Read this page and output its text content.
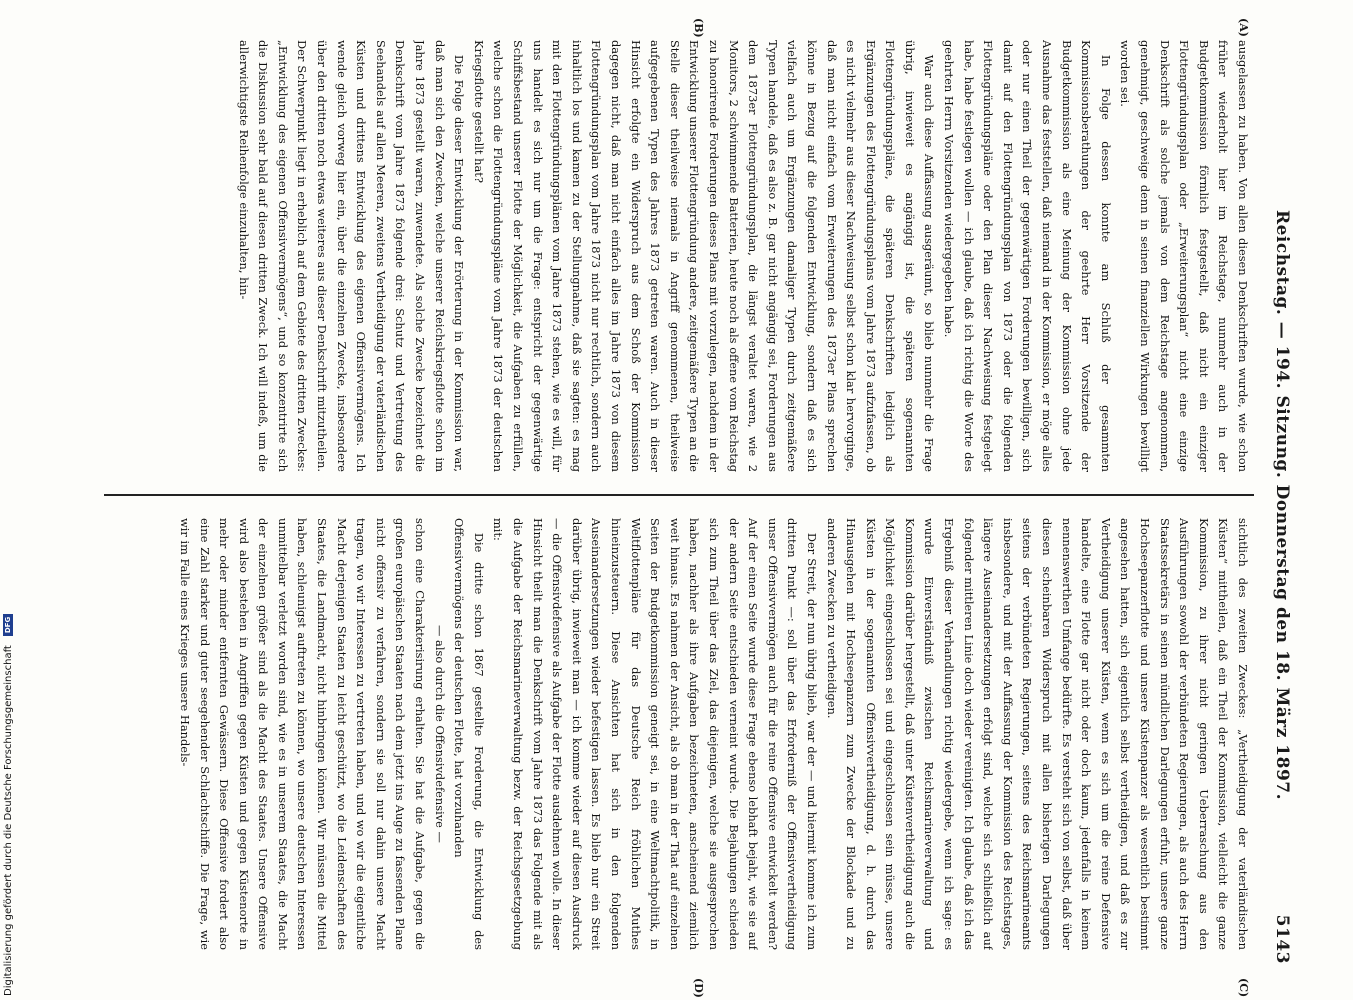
Reichstag. — 194. Sitzung. Donnerstag den 18. März 1897.
5143
(A)
(B)
(C)
(D)

ausgelassen zu haben. Von allen diesen Denkschriften wurde, wie schon früher wiederholt hier im Reichstage, nunmehr auch in der Budgetkommission förmlich festgestellt, daß nicht ein einziger Flottengründungsplan oder „Erweiterungsplan“ nicht eine einzige Denkschrift als solche jemals von dem Reichstage angenommen, genehmigt, geschweige denn in seinen finanziellen Wirkungen bewilligt worden sei.

In Folge dessen konnte am Schluß der gesammten Kommissionsberathungen der geehrte Herr Vorsitzende der Budgetkommission als eine Meinung der Kommission ohne jede Ausnahme das feststellen, daß niemand in der Kommission, er möge alles oder nur einen Theil der gegenwärtigen Forderungen bewilligen, sich damit auf den Flottengründungsplan von 1873 oder die folgenden Flottengründungspläne oder den Plan dieser Nachweisung festgelegt habe, habe festlegen wollen — ich glaube, daß ich richtig die Worte des geehrten Herrn Vorsitzenden wiedergegeben habe.

War auch diese Auffassung ausgeräumt, so blieb nunmehr die Frage übrig, inwieweit es angängig ist, die späteren sogenannten Flottengründungspläne, die späteren Denkschriften lediglich als Ergänzungen des Flottengründungsplans vom Jahre 1873 aufzufassen, ob es nicht vielmehr aus dieser Nachweisung selbst schon klar hervorginge, daß man nicht einfach vom Erweiterungen des 1873er Plans sprechen könne in Bezug auf die folgenden Entwicklung, sondern daß es sich vielfach auch um Ergänzungen damaliger Typen durch zeitgemäßere Typen handele, daß es also z. B. gar nicht angängig sei, Forderungen aus dem 1873er Flottengründungsplan, die längst veraltet waren, wie 2 Monitors, 2 schwimmende Batterien, heute noch als offene vom Reichstag zu honorirende Forderungen dieses Plans mit vorzulegen, nachdem in der Entwicklung unserer Flottengründung andere, zeitgemäßere Typen an die Stelle dieser theilweise niemals in Angriff genommenen, theilweise aufgegebenen Typen des Jahres 1873 getreten waren. Auch in dieser Hinsicht erfolgte ein Widerspruch aus dem Schoß der Kommission dagegen nicht, daß man nicht einfach alles im Jahre 1873 von diesem Flottengründungsplan vom Jahre 1873 nicht nur rechtlich, sondern auch inhaltlich los und kamen zu der Stellungnahme, daß sie sagten: es mag mit den Flottengründungsplänen vom Jahre 1873 stehen, wie es will, für uns handelt es sich nur um die Frage: entspricht der gegenwärtige Schiffsbestand unserer Flotte der Möglichkeit, die Aufgaben zu erfüllen, welche schon die Flottengründungspläne vom Jahre 1873 der deutschen Kriegsflotte gestellt hat?

Die Folge dieser Entwicklung der Erörterung in der Kommission war, daß man sich den Zwecken, welche unserer Reichskriegsflotte schon im Jahre 1873 gestellt waren, zuwendete. Als solche Zwecke bezeichnet die Denkschrift vom Jahre 1873 folgende drei: Schutz und Vertretung des Seehandels auf allen Meeren, zweitens Vertheidigung der vaterländischen Küsten und drittens Entwicklung des eigenen Offensivvermögens. Ich wende gleich vorweg hier ein, über die einzelnen Zwecke, insbesondere über den dritten noch etwas weiteres aus dieser Denkschrift mitzutheilen. Der Schwerpunkt liegt in erheblich auf dem Gebiete des dritten Zweckes: „Entwicklung des eigenen Offensivvermögens“, und so konzentrirte sich die Diskussion sehr bald auf diesen dritten Zweck. Ich will indeß, um die allerwichtigste Reihenfolge einzuhalten, hin-

sichtlich des zweiten Zweckes: „Vertheidigung der vaterländischen Küsten“ mittheilen, daß ein Theil der Kommission, vielleicht die ganze Kommission, zu ihrer nicht geringen Ueberraschung aus den Ausführungen sowohl der verbündeten Regierungen, als auch des Herrn Staatssekretärs in seinen mündlichen Darlegungen erfuhr, unsere ganze Hochseepanzerflotte und unsere Küstenpanzer als wesentlich bestimmt angesehen hatten, sich eigentlich selbst vertheidigen, und daß es zur Vertheidigung unserer Küsten, wenn es sich um die reine Defensive handelte, eine Flotte gar nicht oder doch kaum, jedenfalls in keinem nennenswerthen Umfange bedürfte. Es versteht sich von selbst, daß über diesen scheinbaren Widerspruch mit allen bisherigen Darlegungen seitens der verbündeten Regierungen, seitens des Reichsmarineamts insbesondere, und mit der Auffassung der Kommission des Reichstages, längere Auseinandersetzungen erfolgt sind, welche sich schließlich auf folgender mittleren Linie doch wieder vereinigten. Ich glaube, daß ich das Ergebniß dieser Verhandlungen richtig wiedergebe, wenn ich sage: es wurde Einverständniß zwischen Reichsmarineverwaltung und Kommission darüber hergestellt, daß unter Küstenvertheidigung auch die Möglichkeit eingeschlossen sei und eingeschlossen sein müsse, unsere Küsten in der sogenannten Offensivvertheidigung, d. h. durch das Hinausgehen mit Hochseepanzern zum Zwecke der Blockade und zu anderen Zwecken zu vertheidigen.

Der Streit, der nun übrig blieb, war der — und hiermit komme ich zum dritten Punkt —: soll über das Erforderniß der Offensivvertheidigung unser Offensivvermögen auch für die reine Offensive entwickelt werden? Auf der einen Seite wurde diese Frage ebenso lebhaft bejaht, wie sie auf der andern Seite entschieden verneint wurde. Die Bejahungen schieden sich zum Theil über das Ziel, das diejenigen, welche sie ausgesprochen haben, nachher als ihre Aufgaben bezeichneten, anscheinend ziemlich weit hinaus. Es nahmen der Ansicht, als ob man in der That auf einzelnen Seiten der Budgetkommission geneigt sei, in eine Weltmachtpolitik, in Weltflottenpläne für das Deutsche Reich fröhlichen Muthes hineinzusteuern. Diese Ansichten hat sich in den folgenden Auseinandersetzungen wieder befestigen lassen. Es blieb nur ein Streit darüber übrig, inwieweit man — ich komme wieder auf diesen Ausdruck — die Offensivdefensive als Aufgabe der Flotte ausdehnen wolle. In dieser Hinsicht theilt man die Denkschrift vom Jahre 1873 das Folgende mit als die Aufgabe der Reichsmarineverwaltung bezw. der Reichsgesetzgebung mit:

Die dritte schon 1867 gestellte Forderung, die Entwicklung des Offensivvermögens der deutschen Flotte, hat vorzuhanden

— also durch die Offensivdefensive —

schon eine Charakterisirung erhalten. Sie hat die Aufgabe, gegen die großen europäischen Staaten nach dem jetzt ins Auge zu fassenden Plane nicht offensiv zu verfahren, sondern sie soll nur dahin unsere Macht tragen, wo wir Interessen zu vertreten haben, und wo wir die eigentliche Macht derjenigen Staaten zu leicht geschützt, wo die Leidenschaften des Staates, die Landmacht, nicht hinbringen können. Wir müssen die Mittel haben, schleunigst auftreten zu können, wo unsere deutschen Interessen unmittelbar verletzt worden sind, wie es in unserem Staates, die Macht der einzelnen größer sind als die Macht des Staates. Unsere Offensive wird also bestehen in Angriffen gegen Küsten und gegen Küstenorte in mehr oder minder entfernten Gewässern. Diese Offensive fordert also eine Zahl starker und guter seegehender Schlachtschiffe. Die Frage, wie wir im Falle eines Krieges unsere Handels-

Digitalisierung gefördert durch die Deutsche Forschungsgemeinschaft DFG
